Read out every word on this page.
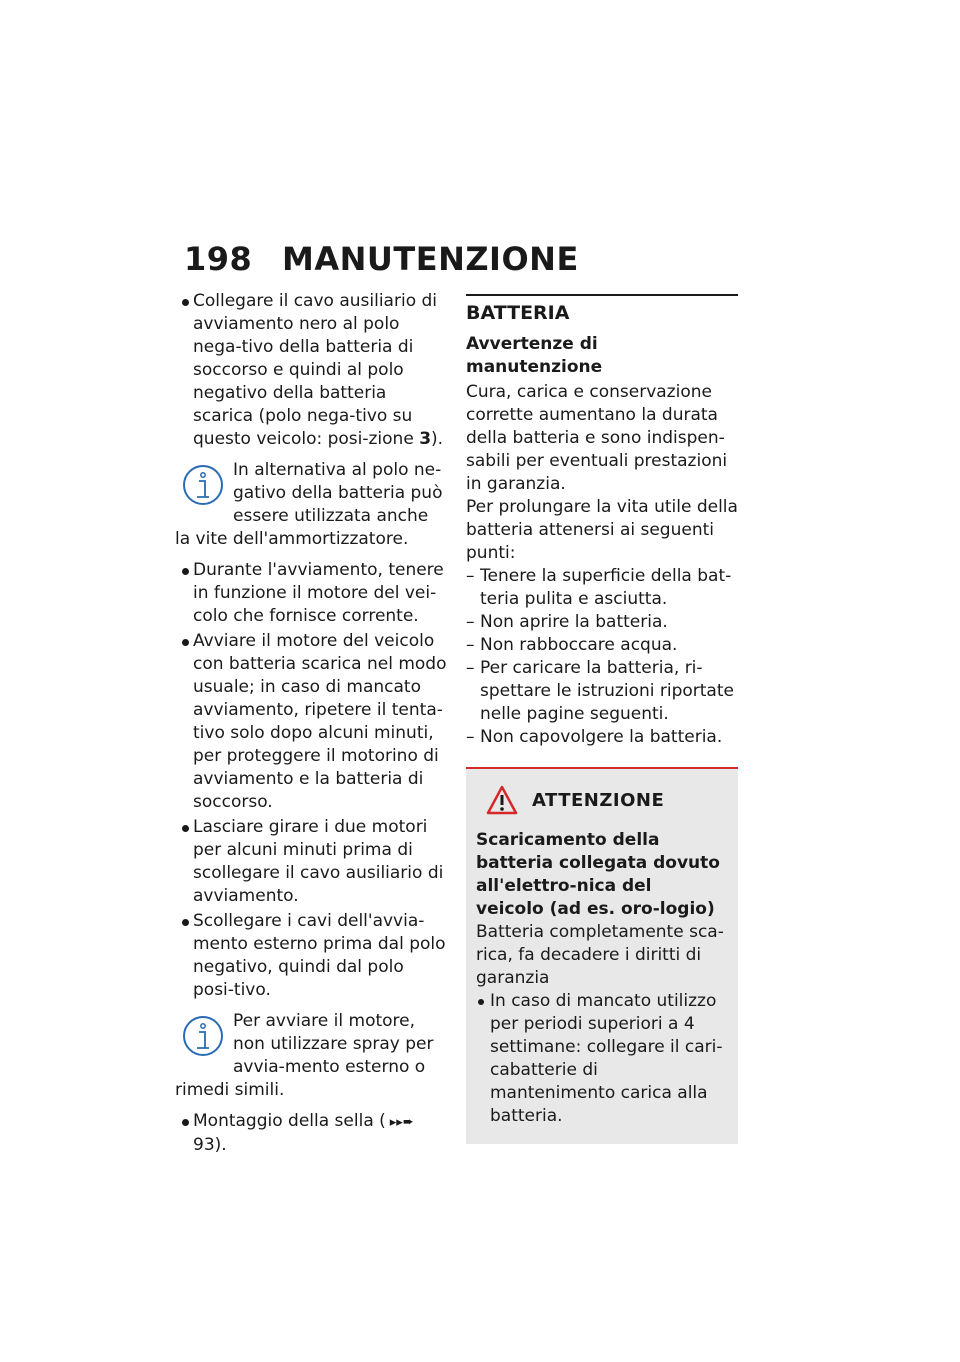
198 MANUTENZIONE
Collegare il cavo ausiliario di avviamento nero al polo nega-tivo della batteria di soccorso e quindi al polo negativo della batteria scarica (polo nega-tivo su questo veicolo: posi-zione 3).
In alternativa al polo ne-gativo della batteria può essere utilizzata anche la vite dell'ammortizzatore.
Durante l'avviamento, tenere in funzione il motore del vei-colo che fornisce corrente.
Avviare il motore del veicolo con batteria scarica nel modo usuale; in caso di mancato avviamento, ripetere il tenta-tivo solo dopo alcuni minuti, per proteggere il motorino di avviamento e la batteria di soccorso.
Lasciare girare i due motori per alcuni minuti prima di scollegare il cavo ausiliario di avviamento.
Scollegare i cavi dell'avvia-mento esterno prima dal polo negativo, quindi dal polo posi-tivo.
Per avviare il motore, non utilizzare spray per avvia-mento esterno o rimedi simili.
Montaggio della sella ( ▸▸➨93).
BATTERIA
Avvertenze di manutenzione

Cura, carica e conservazione corrette aumentano la durata della batteria e sono indispen-sabili per eventuali prestazioni in garanzia.

Per prolungare la vita utile della batteria attenersi ai seguenti punti:

– Tenere la superficie della bat-teria pulita e asciutta.
– Non aprire la batteria.
– Non rabboccare acqua.
– Per caricare la batteria, ri-spettare le istruzioni riportate nelle pagine seguenti.
– Non capovolgere la batteria.
ATTENZIONE
Scaricamento della batteria collegata dovuto all'elettro-nica del veicolo (ad es. oro-logio)
Batteria completamente sca-rica, fa decadere i diritti di garanzia
In caso di mancato utilizzo per periodi superiori a 4 settimane: collegare il cari-cabatterie di mantenimento carica alla batteria.
